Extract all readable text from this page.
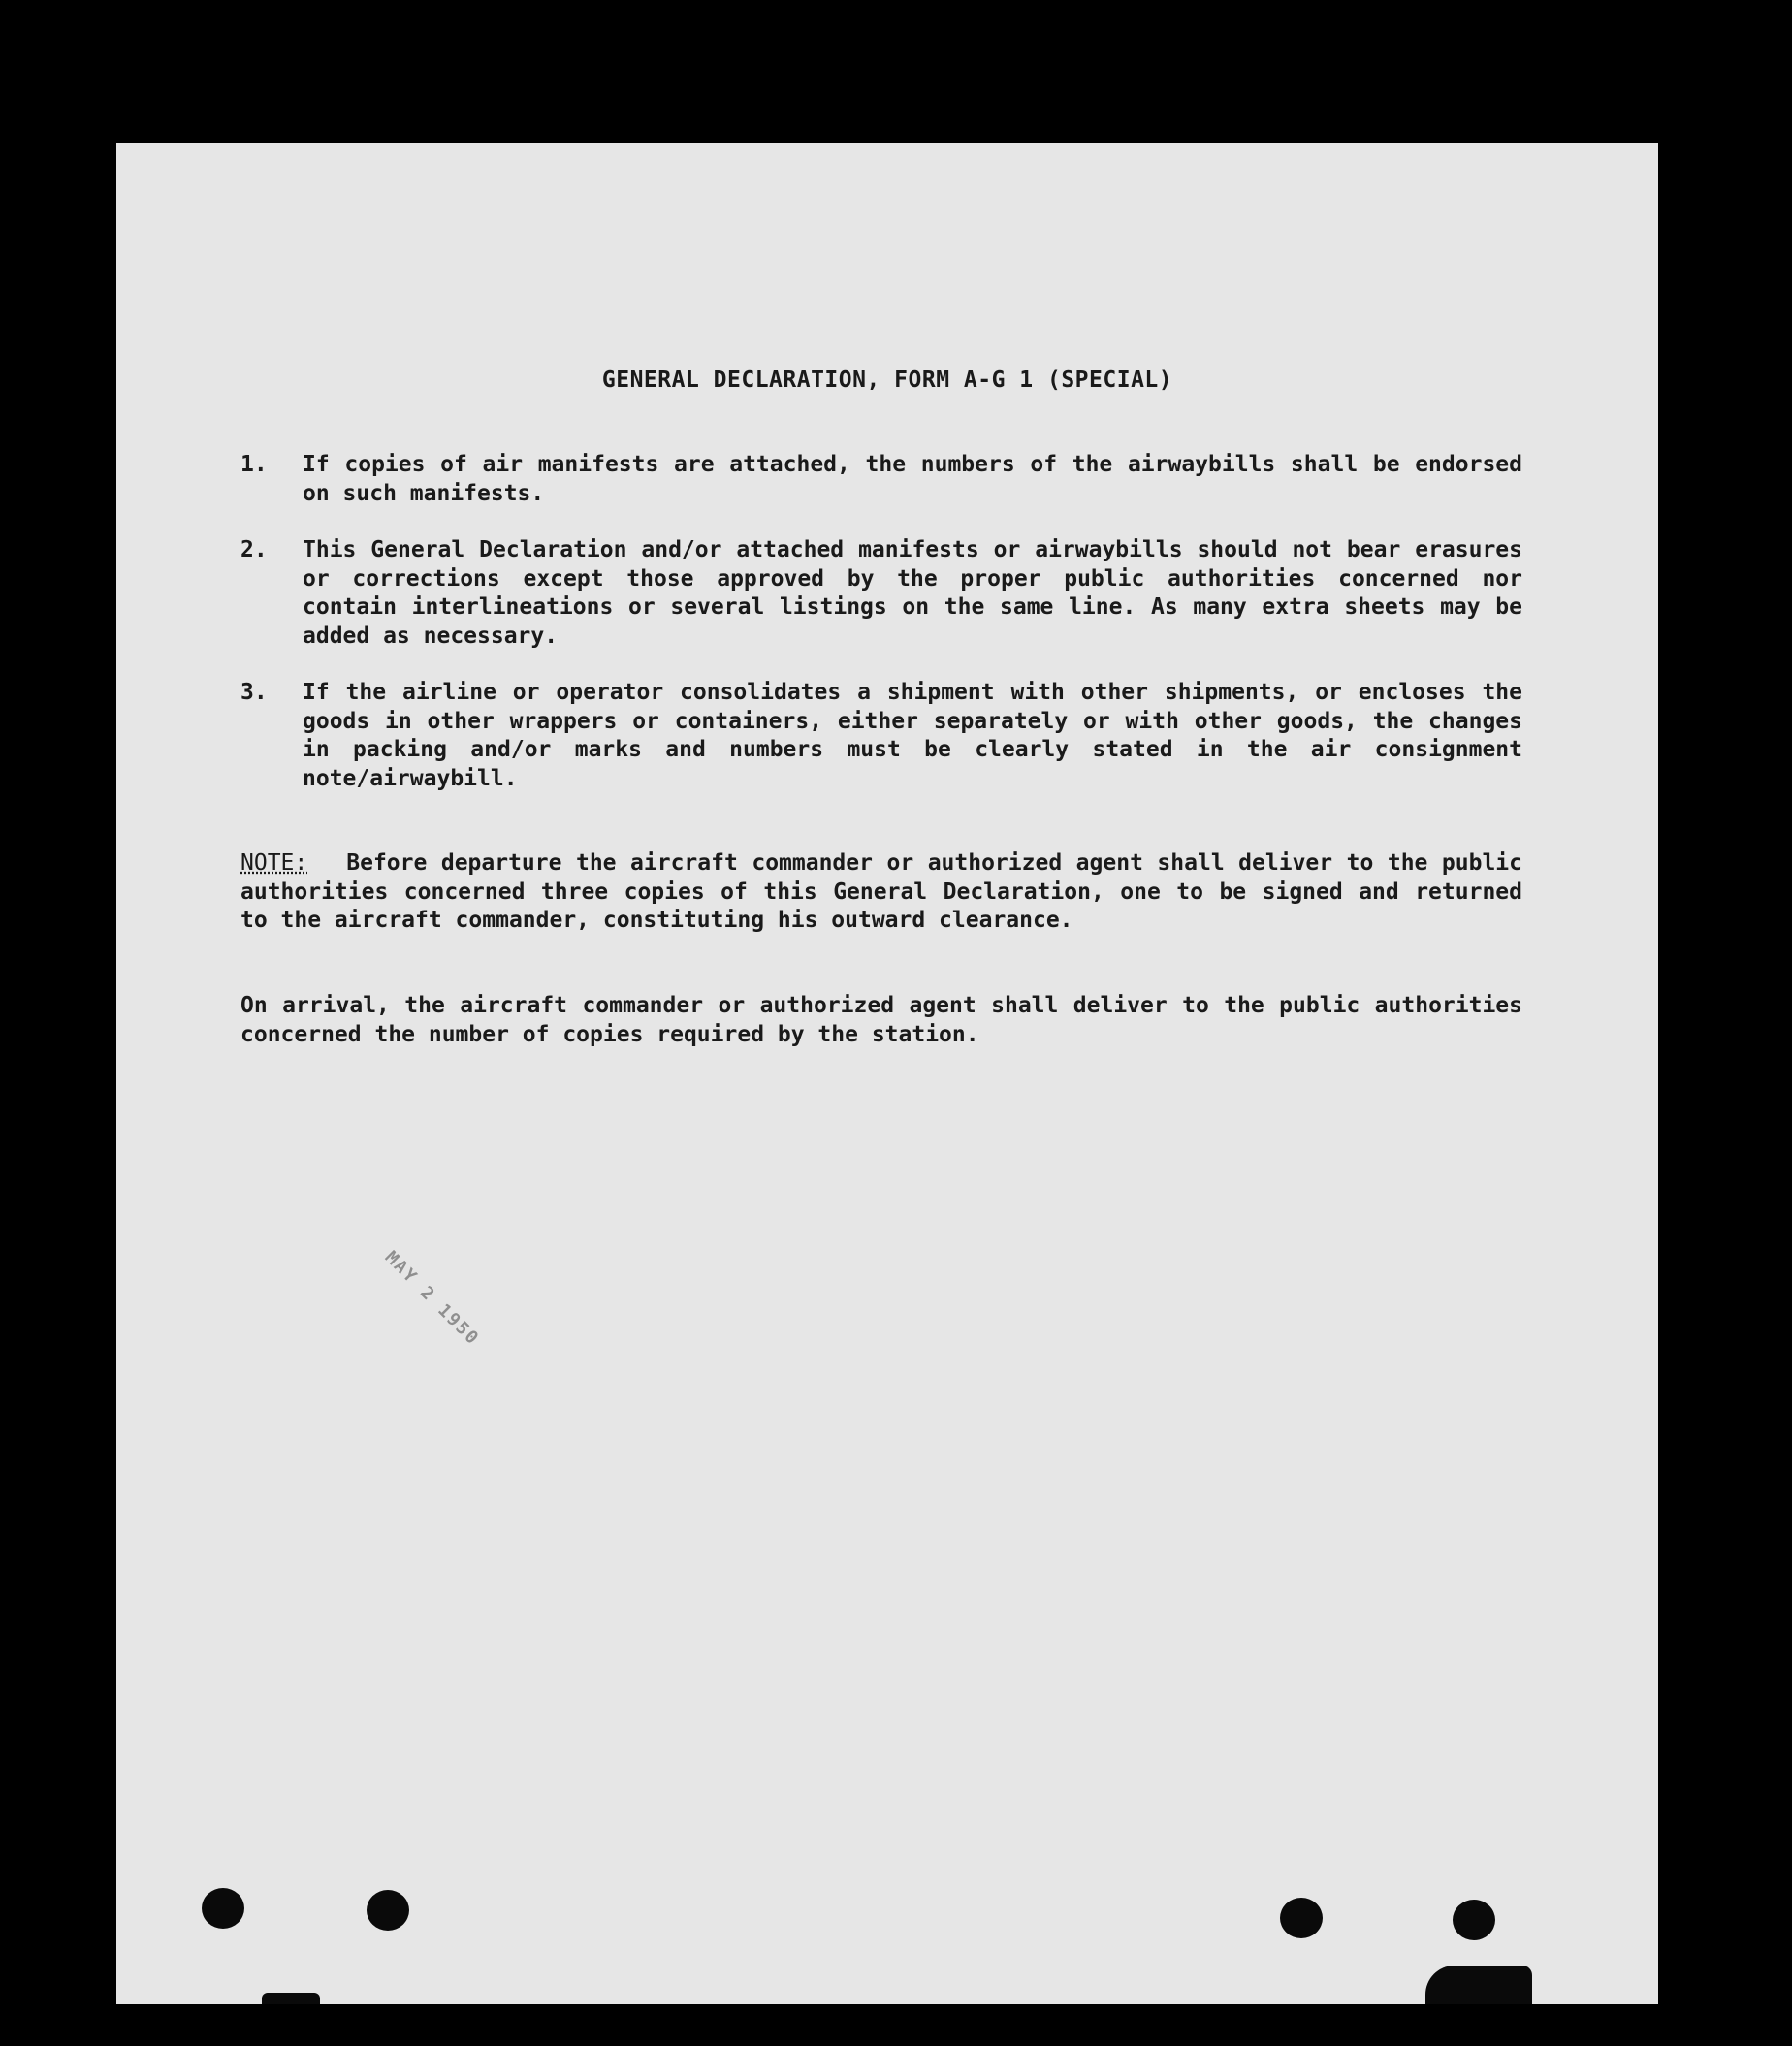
GENERAL DECLARATION, FORM A-G 1 (SPECIAL)
1.	If copies of air manifests are attached, the numbers of the airwaybills shall be endorsed on such manifests.
2.	This General Declaration and/or attached manifests or airwaybills should not bear erasures or corrections except those approved by the proper public authorities concerned nor contain interlineations or several listings on the same line. As many extra sheets may be added as necessary.
3.	If the airline or operator consolidates a shipment with other shipments, or encloses the goods in other wrappers or containers, either separately or with other goods, the changes in packing and/or marks and numbers must be clearly stated in the air consignment note/airwaybill.
NOTE: Before departure the aircraft commander or authorized agent shall deliver to the public authorities concerned three copies of this General Declaration, one to be signed and returned to the aircraft commander, constituting his outward clearance.
On arrival, the aircraft commander or authorized agent shall deliver to the public authorities concerned the number of copies required by the station.
MAY 2 1950
